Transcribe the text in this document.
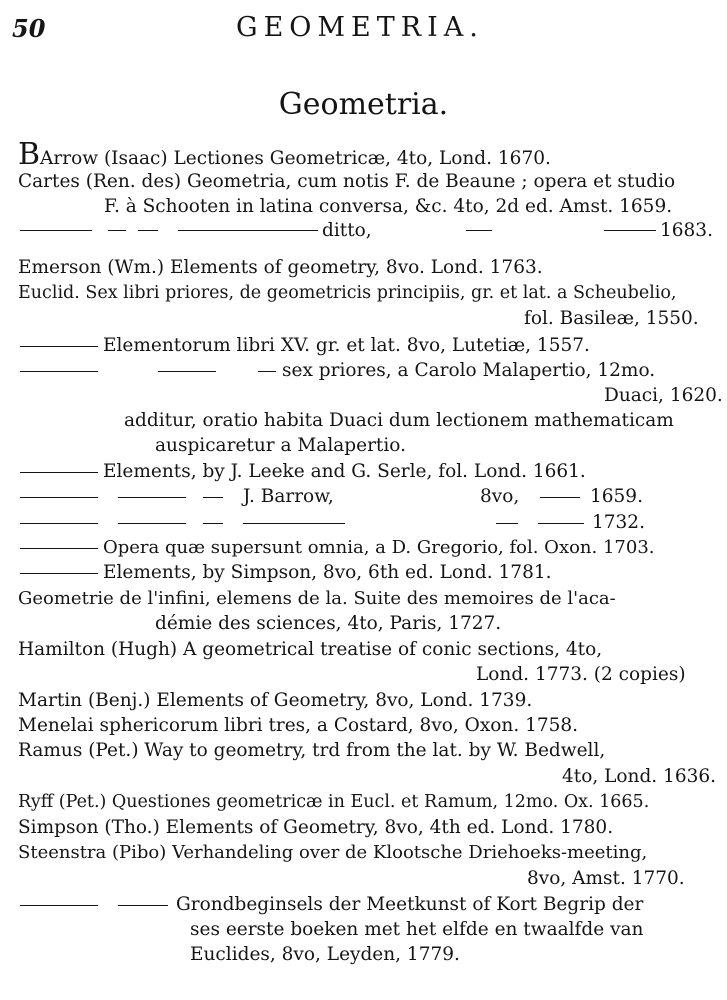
50	GEOMETRIA.
Geometria.
BArrow (Isaac) Lectiones Geometricæ, 4to, Lond. 1670.
Cartes (Ren. des) Geometria, cum notis F. de Beaune ; opera et studio
F. à Schooten in latina conversa, &c. 4to, 2d ed. Amst. 1659.
ditto,	1683.
Emerson (Wm.) Elements of geometry, 8vo. Lond. 1763.
Euclid. Sex libri priores, de geometricis principiis, gr. et lat. a Scheubelio,
fol. Basileæ, 1550.
Elementorum libri XV. gr. et lat. 8vo, Lutetiæ, 1557.
sex priores, a Carolo Malapertio, 12mo.
Duaci, 1620.
additur, oratio habita Duaci dum lectionem mathematicam
auspicaretur a Malapertio.
Elements, by J. Leeke and G. Serle, fol. Lond. 1661.
J. Barrow,	8vo,	1659.
1732.
Opera quæ supersunt omnia, a D. Gregorio, fol. Oxon. 1703.
Elements, by Simpson, 8vo, 6th ed. Lond. 1781.
Geometrie de l'infini, elemens de la. Suite des memoires de l'aca-
démie des sciences, 4to, Paris, 1727.
Hamilton (Hugh) A geometrical treatise of conic sections, 4to,
Lond. 1773. (2 copies)
Martin (Benj.) Elements of Geometry, 8vo, Lond. 1739.
Menelai sphericorum libri tres, a Costard, 8vo, Oxon. 1758.
Ramus (Pet.) Way to geometry, trd from the lat. by W. Bedwell,
4to, Lond. 1636.
Ryff (Pet.) Questiones geometricæ in Eucl. et Ramum, 12mo. Ox. 1665.
Simpson (Tho.) Elements of Geometry, 8vo, 4th ed. Lond. 1780.
Steenstra (Pibo) Verhandeling over de Klootsche Driehoeks-meeting,
8vo, Amst. 1770.
Grondbeginsels der Meetkunst of Kort Begrip der
ses eerste boeken met het elfde en twaalfde van
Euclides, 8vo, Leyden, 1779.
